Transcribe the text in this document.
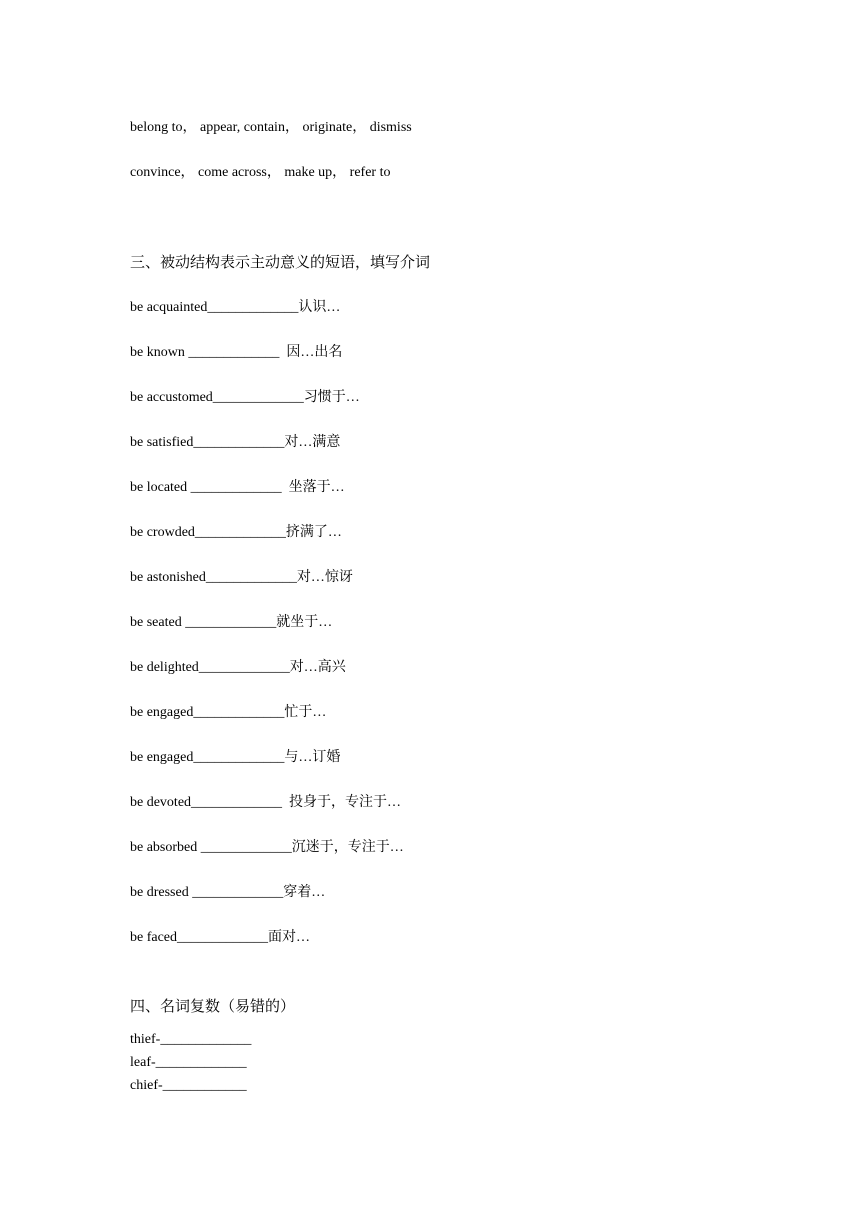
belong to， appear, contain， originate， dismiss
convince， come across， make up， refer to
三、被动结构表示主动意义的短语，填写介词
be acquainted_____________认识…
be known _____________  因…出名
be accustomed_____________习惯于…
be satisfied_____________对…满意
be located _____________  坐落于…
be crowded_____________挤满了…
be astonished_____________对…惊讶
be seated _____________就坐于…
be delighted_____________对…高兴
be engaged_____________忙于…
be engaged_____________与…订婚
be devoted_____________  投身于，专注于…
be absorbed _____________沉迷于，专注于…
be dressed _____________穿着…
be faced_____________面对…
四、名词复数（易错的）
thief-_____________
leaf-_____________
chief-____________
